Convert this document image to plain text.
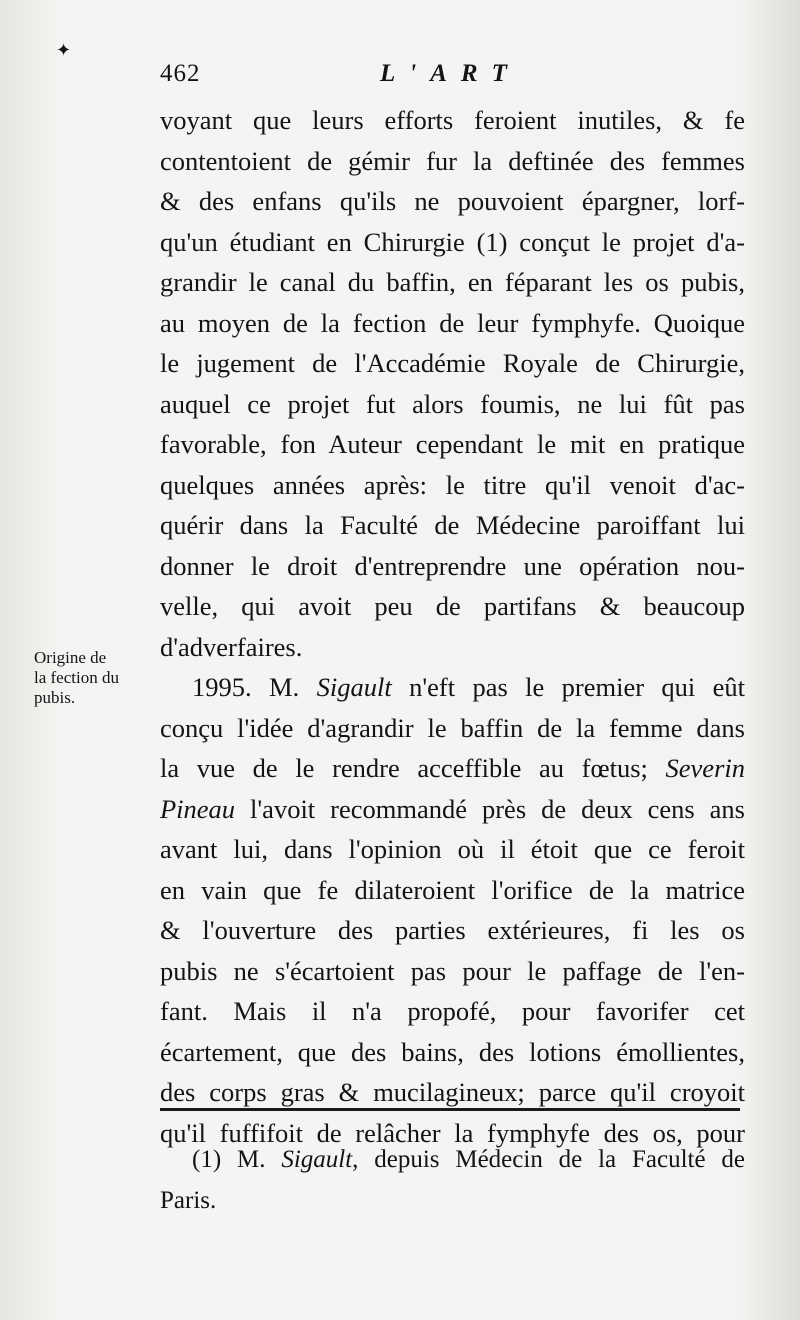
✦
462	L'ART
voyant que leurs efforts feroient inutiles, & fe
contentoient de gémir fur la deftinée des femmes
& des enfans qu'ils ne pouvoient épargner, lorf-
qu'un étudiant en Chirurgie (1) conçut le projet d'a-
grandir le canal du baffin, en féparant les os pubis,
au moyen de la fection de leur fymphyfe. Quoique
le jugement de l'Accadémie Royale de Chirurgie,
auquel ce projet fut alors foumis, ne lui fût pas
favorable, fon Auteur cependant le mit en pratique
quelques années après: le titre qu'il venoit d'ac-
quérir dans la Faculté de Médecine paroiffant lui
donner le droit d'entreprendre une opération nou-
velle, qui avoit peu de partifans & beaucoup
d'adverfaires.
1995. M. Sigault n'eft pas le premier qui eût
conçu l'idée d'agrandir le baffin de la femme dans
la vue de le rendre acceffible au fœtus; Severin
Pineau l'avoit recommandé près de deux cens ans
avant lui, dans l'opinion où il étoit que ce feroit
en vain que fe dilateroient l'orifice de la matrice
& l'ouverture des parties extérieures, fi les os
pubis ne s'écartoient pas pour le paffage de l'en-
fant. Mais il n'a propofé, pour favorifer cet
écartement, que des bains, des lotions émollientes,
des corps gras & mucilagineux; parce qu'il croyoit
qu'il fuffifoit de relâcher la fymphyfe des os, pour
Origine de
la fection du
pubis.
(1) M. Sigault, depuis Médecin de la Faculté de
Paris.
